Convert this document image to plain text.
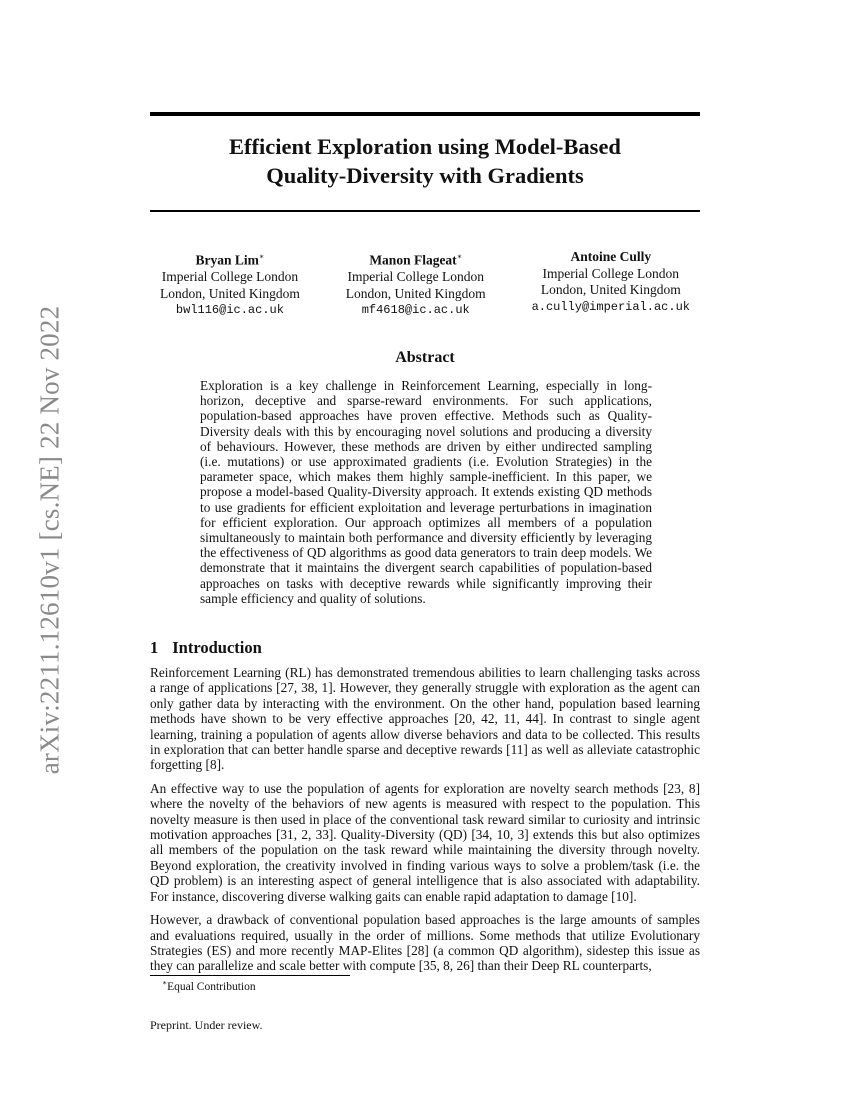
arXiv:2211.12610v1 [cs.NE] 22 Nov 2022
Efficient Exploration using Model-Based
Quality-Diversity with Gradients
Bryan Lim∗
Imperial College London
London, United Kingdom
bwl116@ic.ac.uk
Manon Flageat∗
Imperial College London
London, United Kingdom
mf4618@ic.ac.uk
Antoine Cully
Imperial College London
London, United Kingdom
a.cully@imperial.ac.uk
Abstract
Exploration is a key challenge in Reinforcement Learning, especially in long-horizon, deceptive and sparse-reward environments. For such applications, population-based approaches have proven effective. Methods such as Quality-Diversity deals with this by encouraging novel solutions and producing a diversity of behaviours. However, these methods are driven by either undirected sampling (i.e. mutations) or use approximated gradients (i.e. Evolution Strategies) in the parameter space, which makes them highly sample-inefficient. In this paper, we propose a model-based Quality-Diversity approach. It extends existing QD methods to use gradients for efficient exploitation and leverage perturbations in imagination for efficient exploration. Our approach optimizes all members of a population simultaneously to maintain both performance and diversity efficiently by leveraging the effectiveness of QD algorithms as good data generators to train deep models. We demonstrate that it maintains the divergent search capabilities of population-based approaches on tasks with deceptive rewards while significantly improving their sample efficiency and quality of solutions.
1 Introduction

Reinforcement Learning (RL) has demonstrated tremendous abilities to learn challenging tasks across a range of applications [27, 38, 1]. However, they generally struggle with exploration as the agent can only gather data by interacting with the environment. On the other hand, population based learning methods have shown to be very effective approaches [20, 42, 11, 44]. In contrast to single agent learning, training a population of agents allow diverse behaviors and data to be collected. This results in exploration that can better handle sparse and deceptive rewards [11] as well as alleviate catastrophic forgetting [8].

An effective way to use the population of agents for exploration are novelty search methods [23, 8] where the novelty of the behaviors of new agents is measured with respect to the population. This novelty measure is then used in place of the conventional task reward similar to curiosity and intrinsic motivation approaches [31, 2, 33]. Quality-Diversity (QD) [34, 10, 3] extends this but also optimizes all members of the population on the task reward while maintaining the diversity through novelty. Beyond exploration, the creativity involved in finding various ways to solve a problem/task (i.e. the QD problem) is an interesting aspect of general intelligence that is also associated with adaptability. For instance, discovering diverse walking gaits can enable rapid adaptation to damage [10].

However, a drawback of conventional population based approaches is the large amounts of samples and evaluations required, usually in the order of millions. Some methods that utilize Evolutionary Strategies (ES) and more recently MAP-Elites [28] (a common QD algorithm), sidestep this issue as they can parallelize and scale better with compute [35, 8, 26] than their Deep RL counterparts,

∗Equal Contribution
Preprint. Under review.
